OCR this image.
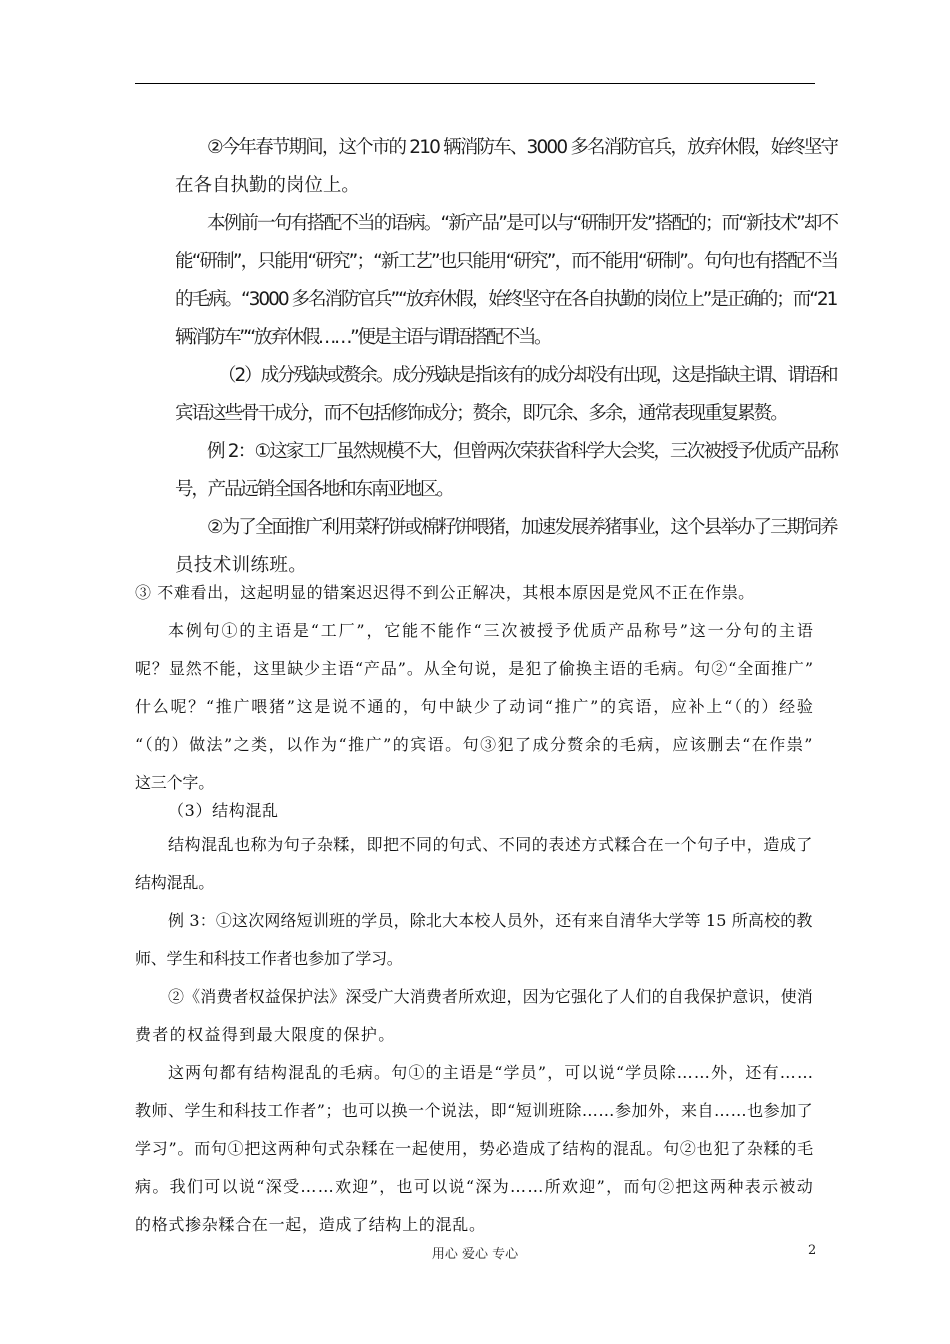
②今年春节期间，这个市的 210 辆消防车、3000 多名消防官兵，放弃休假，始终坚守
在各自执勤的岗位上。
本例前一句有搭配不当的语病。“新产品”是可以与“研制开发”搭配的；而“新技术”却不
能“研制”，只能用“研究”；“新工艺”也只能用“研究”，而不能用“研制”。句句也有搭配不当
的毛病。“3000 多名消防官兵”“放弃休假，始终坚守在各自执勤的岗位上”是正确的；而“21
辆消防车”“放弃休假……”便是主语与谓语搭配不当。
（2）成分残缺或赘余。成分残缺是指该有的成分却没有出现，这是指缺主谓、谓语和
宾语这些骨干成分，而不包括修饰成分；赘余，即冗余、多余，通常表现重复累赘。
例 2：①这家工厂虽然规模不大，但曾两次荣获省科学大会奖，三次被授予优质产品称
号，产品远销全国各地和东南亚地区。
②为了全面推广利用菜籽饼或棉籽饼喂猪，加速发展养猪事业，这个县举办了三期饲养
员技术训练班。
③ 不难看出，这起明显的错案迟迟得不到公正解决，其根本原因是党风不正在作祟。
本例句①的主语是“工厂”，它能不能作“三次被授予优质产品称号”这一分句的主语
呢？显然不能，这里缺少主语“产品”。从全句说，是犯了偷换主语的毛病。句②“全面推广”
什么呢？“推广喂猪”这是说不通的，句中缺少了动词“推广”的宾语，应补上“（的）经验
“（的）做法”之类，以作为“推广”的宾语。句③犯了成分赘余的毛病，应该删去“在作祟”
这三个字。
（3）结构混乱
结构混乱也称为句子杂糅，即把不同的句式、不同的表述方式糅合在一个句子中，造成了
结构混乱。
例 3：①这次网络短训班的学员，除北大本校人员外，还有来自清华大学等 15 所高校的教
师、学生和科技工作者也参加了学习。
②《消费者权益保护法》深受广大消费者所欢迎，因为它强化了人们的自我保护意识，使消
费者的权益得到最大限度的保护。
这两句都有结构混乱的毛病。句①的主语是“学员”，可以说“学员除……外，还有……
教师、学生和科技工作者”；也可以换一个说法，即“短训班除……参加外，来自……也参加了
学习”。而句①把这两种句式杂糅在一起使用，势必造成了结构的混乱。句②也犯了杂糅的毛
病。我们可以说“深受……欢迎”，也可以说“深为……所欢迎”，而句②把这两种表示被动
的格式掺杂糅合在一起，造成了结构上的混乱。
用心 爱心 专心	2
